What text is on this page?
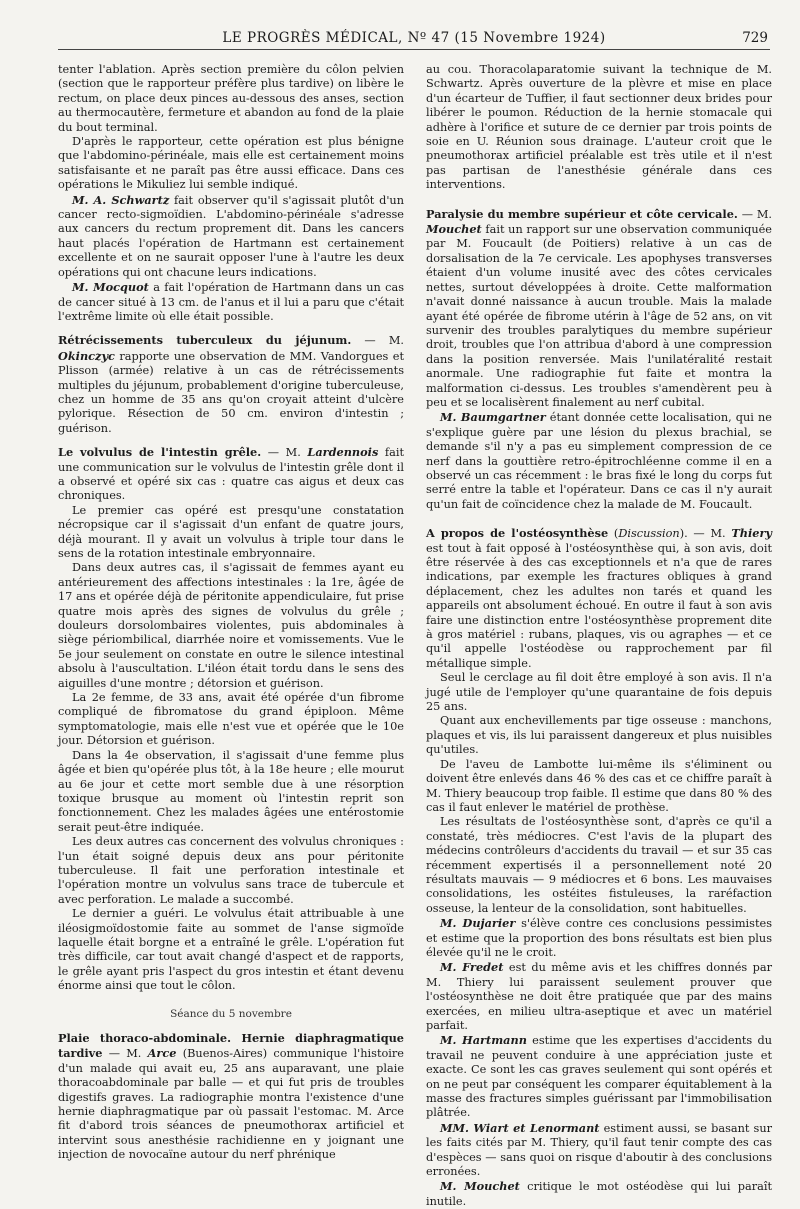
LE PROGRÈS MÉDICAL, Nº 47 (15 Novembre 1924)	729

tenter l'ablation. Après section première du côlon pelvien (section que le rapporteur préfère plus tardive) on libère le rectum, on place deux pinces au-dessous des anses, section au thermocautère, fermeture et abandon au fond de la plaie du bout terminal.

D'après le rapporteur, cette opération est plus bénigne que l'abdomino-périnéale, mais elle est certainement moins satisfaisante et ne paraît pas être aussi efficace. Dans ces opérations le Mikuliez lui semble indiqué.

M. A. Schwartz fait observer qu'il s'agissait plutôt d'un cancer recto-sigmoïdien. L'abdomino-périnéale s'adresse aux cancers du rectum proprement dit. Dans les cancers haut placés l'opération de Hartmann est certainement excellente et on ne saurait opposer l'une à l'autre les deux opérations qui ont chacune leurs indications.

M. Mocquot a fait l'opération de Hartmann dans un cas de cancer situé à 13 cm. de l'anus et il lui a paru que c'était l'extrême limite où elle était possible.

Rétrécissements tuberculeux du jéjunum. — M. Okinczyc rapporte une observation de MM. Vandorgues et Plisson (armée) relative à un cas de rétrécissements multiples du jéjunum, probablement d'origine tuberculeuse, chez un homme de 35 ans qu'on croyait atteint d'ulcère pylorique. Résection de 50 cm. environ d'intestin ; guérison.

Le volvulus de l'intestin grêle. — M. Lardennois fait une communication sur le volvulus de l'intestin grêle dont il a observé et opéré six cas : quatre cas aigus et deux cas chroniques.

Le premier cas opéré est presqu'une constatation nécropsique car il s'agissait d'un enfant de quatre jours, déjà mourant. Il y avait un volvulus à triple tour dans le sens de la rotation intestinale embryonnaire.

Dans deux autres cas, il s'agissait de femmes ayant eu antérieurement des affections intestinales : la 1re, âgée de 17 ans et opérée déjà de péritonite appendiculaire, fut prise quatre mois après des signes de volvulus du grêle ; douleurs dorsolombaires violentes, puis abdominales à siège périombilical, diarrhée noire et vomissements. Vue le 5e jour seulement on constate en outre le silence intestinal absolu à l'auscultation. L'iléon était tordu dans le sens des aiguilles d'une montre ; détorsion et guérison.

La 2e femme, de 33 ans, avait été opérée d'un fibrome compliqué de fibromatose du grand épiploon. Même symptomatologie, mais elle n'est vue et opérée que le 10e jour. Détorsion et guérison.

Dans la 4e observation, il s'agissait d'une femme plus âgée et bien qu'opérée plus tôt, à la 18e heure ; elle mourut au 6e jour et cette mort semble due à une résorption toxique brusque au moment où l'intestin reprit son fonctionnement. Chez les malades âgées une entérostomie serait peut-être indiquée.

Les deux autres cas concernent des volvulus chroniques : l'un était soigné depuis deux ans pour péritonite tuberculeuse. Il fait une perforation intestinale et l'opération montre un volvulus sans trace de tubercule et avec perforation. Le malade a succombé.

Le dernier a guéri. Le volvulus était attribuable à une iléosigmoïdostomie faite au sommet de l'anse sigmoïde laquelle était borgne et a entraîné le grêle. L'opération fut très difficile, car tout avait changé d'aspect et de rapports, le grêle ayant pris l'aspect du gros intestin et étant devenu énorme ainsi que tout le côlon.

Séance du 5 novembre

Plaie thoraco-abdominale. Hernie diaphragmatique tardive — M. Arce (Buenos-Aires) communique l'histoire d'un malade qui avait eu, 25 ans auparavant, une plaie thoracoabdominale par balle — et qui fut pris de troubles digestifs graves. La radiographie montra l'existence d'une hernie diaphragmatique par où passait l'estomac. M. Arce fit d'abord trois séances de pneumothorax artificiel et intervint sous anesthésie rachidienne en y joignant une injection de novocaïne autour du nerf phrénique

au cou. Thoracolaparatomie suivant la technique de M. Schwartz. Après ouverture de la plèvre et mise en place d'un écarteur de Tuffier, il faut sectionner deux brides pour libérer le poumon. Réduction de la hernie stomacale qui adhère à l'orifice et suture de ce dernier par trois points de soie en U. Réunion sous drainage. L'auteur croit que le pneumothorax artificiel préalable est très utile et il n'est pas partisan de l'anesthésie générale dans ces interventions.

Paralysie du membre supérieur et côte cervicale. — M. Mouchet fait un rapport sur une observation communiquée par M. Foucault (de Poitiers) relative à un cas de dorsalisation de la 7e cervicale. Les apophyses transverses étaient d'un volume inusité avec des côtes cervicales nettes, surtout développées à droite. Cette malformation n'avait donné naissance à aucun trouble. Mais la malade ayant été opérée de fibrome utérin à l'âge de 52 ans, on vit survenir des troubles paralytiques du membre supérieur droit, troubles que l'on attribua d'abord à une compression dans la position renversée. Mais l'unilatéralité restait anormale. Une radiographie fut faite et montra la malformation ci-dessus. Les troubles s'amendèrent peu à peu et se localisèrent finalement au nerf cubital.

M. Baumgartner étant donnée cette localisation, qui ne s'explique guère par une lésion du plexus brachial, se demande s'il n'y a pas eu simplement compression de ce nerf dans la gouttière retro-épitrochléenne comme il en a observé un cas récemment : le bras fixé le long du corps fut serré entre la table et l'opérateur. Dans ce cas il n'y aurait qu'un fait de coïncidence chez la malade de M. Foucault.

A propos de l'ostéosynthèse (Discussion). — M. Thiery est tout à fait opposé à l'ostéosynthèse qui, à son avis, doit être réservée à des cas exceptionnels et n'a que de rares indications, par exemple les fractures obliques à grand déplacement, chez les adultes non tarés et quand les appareils ont absolument échoué. En outre il faut à son avis faire une distinction entre l'ostéosynthèse proprement dite à gros matériel : rubans, plaques, vis ou agraphes — et ce qu'il appelle l'ostéodèse ou rapprochement par fil métallique simple.

Seul le cerclage au fil doit être employé à son avis. Il n'a jugé utile de l'employer qu'une quarantaine de fois depuis 25 ans.

Quant aux enchevillements par tige osseuse : manchons, plaques et vis, ils lui paraissent dangereux et plus nuisibles qu'utiles.

De l'aveu de Lambotte lui-même ils s'éliminent ou doivent être enlevés dans 46 % des cas et ce chiffre paraît à M. Thiery beaucoup trop faible. Il estime que dans 80 % des cas il faut enlever le matériel de prothèse.

Les résultats de l'ostéosynthèse sont, d'après ce qu'il a constaté, très médiocres. C'est l'avis de la plupart des médecins contrôleurs d'accidents du travail — et sur 35 cas récemment expertisés il a personnellement noté 20 résultats mauvais — 9 médiocres et 6 bons. Les mauvaises consolidations, les ostéites fistuleuses, la raréfaction osseuse, la lenteur de la consolidation, sont habituelles.

M. Dujarier s'élève contre ces conclusions pessimistes et estime que la proportion des bons résultats est bien plus élevée qu'il ne le croit.

M. Fredet est du même avis et les chiffres donnés par M. Thiery lui paraissent seulement prouver que l'ostéosynthèse ne doit être pratiquée que par des mains exercées, en milieu ultra-aseptique et avec un matériel parfait.

M. Hartmann estime que les expertises d'accidents du travail ne peuvent conduire à une appréciation juste et exacte. Ce sont les cas graves seulement qui sont opérés et on ne peut par conséquent les comparer équitablement à la masse des fractures simples guérissant par l'immobilisation plâtrée.

MM. Wiart et Lenormant estiment aussi, se basant sur les faits cités par M. Thiery, qu'il faut tenir compte des cas d'espèces — sans quoi on risque d'aboutir à des conclusions erronées.

M. Mouchet critique le mot ostéodèse qui lui paraît inutile.
